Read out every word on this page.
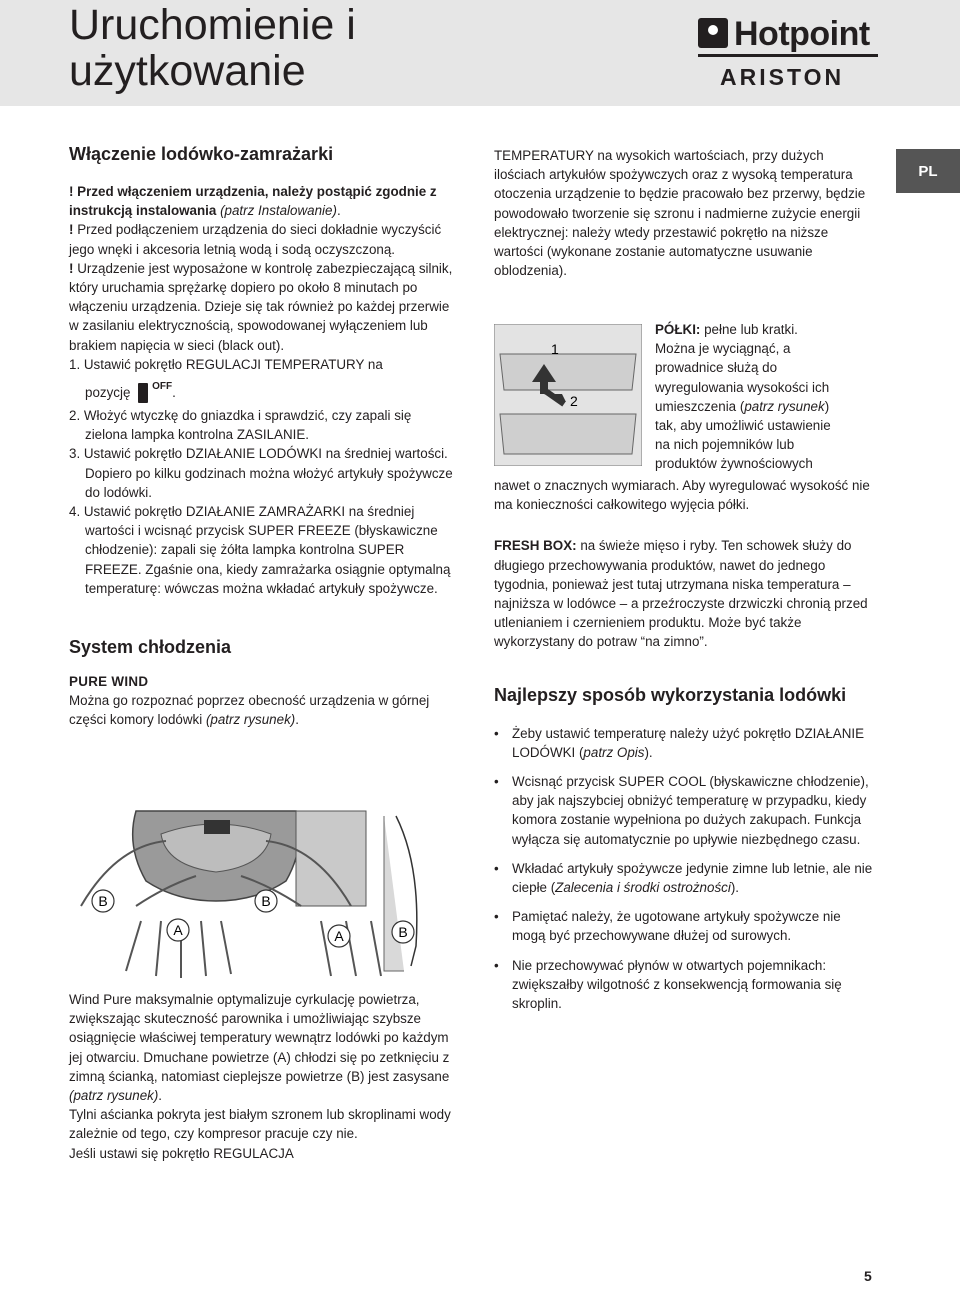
Uruchomienie i
użytkowanie
Hotpoint
ARISTON
PL
Włączenie lodówko-zamrażarki

! Przed włączeniem urządzenia, należy postąpić zgodnie z instrukcją instalowania (patrz Instalowanie).

! Przed podłączeniem urządzenia do sieci dokładnie wyczyścić jego wnęki i akcesoria letnią wodą i sodą oczyszczoną.

! Urządzenie jest wyposażone w kontrolę zabezpieczającą silnik, który uruchamia sprężarkę dopiero po około 8 minutach po włączeniu urządzenia. Dzieje się tak również po każdej przerwie w zasilaniu elektrycznością, spowodowanej wyłączeniem lub brakiem napięcia w sieci (black out).

1. Ustawić pokrętło REGULACJI TEMPERATURY na

pozycję $^{OFF}$.

2. Włożyć wtyczkę do gniazdka i sprawdzić, czy zapali się zielona lampka kontrolna ZASILANIE.

3. Ustawić pokrętło DZIAŁANIE LODÓWKI na średniej wartości. Dopiero po kilku godzinach można włożyć artykuły spożywcze do lodówki.

4. Ustawić pokrętło DZIAŁANIE ZAMRAŻARKI na średniej wartości i wcisnąć przycisk SUPER FREEZE (błyskawiczne chłodzenie): zapali się żółta lampka kontrolna SUPER FREEZE. Zgaśnie ona, kiedy zamrażarka osiągnie optymalną temperaturę: wówczas można wkładać artykuły spożywcze.

System chłodzenia

PURE WIND

Można go rozpoznać poprzez obecność urządzenia w górnej części komory lodówki (patrz rysunek).

B	B
A	A	B

Wind Pure maksymalnie optymalizuje cyrkulację powietrza, zwiększając skuteczność parownika i umożliwiając szybsze osiągnięcie właściwej temperatury wewnątrz lodówki po każdym jej otwarciu. Dmuchane powietrze (A) chłodzi się po zetknięciu z zimną ścianką, natomiast cieplejsze powietrze (B) jest zasysane (patrz rysunek).

Tylni aścianka pokryta jest białym szronem lub skroplinami wody zależnie od tego, czy kompresor pracuje czy nie.

Jeśli ustawi się pokrętło REGULACJA

TEMPERATURY na wysokich wartościach, przy dużych ilościach artykułów spożywczych oraz z wysoką temperatura otoczenia urządzenie to będzie pracowało bez przerwy, będzie powodowało tworzenie się szronu i nadmierne zużycie energii elektrycznej: należy wtedy przestawić pokrętło na niższe wartości (wykonane zostanie automatyczne usuwanie oblodzenia).

1
2

PÓŁKI: pełne lub kratki.

Można je wyciągnąć, a

prowadnice służą do

wyregulowania wysokości ich

umieszczenia (patrz rysunek)

tak, aby umożliwić ustawienie

na nich pojemników lub

produktów żywnościowych

nawet o znacznych wymiarach. Aby wyregulować wysokość nie ma konieczności całkowitego wyjęcia półki.

FRESH BOX: na świeże mięso i ryby. Ten schowek służy do długiego przechowywania produktów, nawet do jednego tygodnia, ponieważ jest tutaj utrzymana niska temperatura – najniższa w lodówce – a przeźroczyste drzwiczki chronią przed utlenianiem i czernieniem produktu. Może być także wykorzystany do potraw “na zimno”.

Najlepszy sposób wykorzystania lodówki
• Żeby ustawić temperaturę należy użyć pokrętło DZIAŁANIE LODÓWKI (patrz Opis).
• Wcisnąć przycisk SUPER COOL (błyskawiczne chłodzenie), aby jak najszybciej obniżyć temperaturę w przypadku, kiedy komora zostanie wypełniona po dużych zakupach. Funkcja wyłącza się automatycznie po upływie niezbędnego czasu.
• Wkładać artykuły spożywcze jedynie zimne lub letnie, ale nie ciepłe (Zalecenia i środki ostrożności).
• Pamiętać należy, że ugotowane artykuły spożywcze nie mogą być przechowywane dłużej od surowych.
• Nie przechowywać płynów w otwartych pojemnikach: zwiększałby wilgotność z konsekwencją formowania się skroplin.
5
